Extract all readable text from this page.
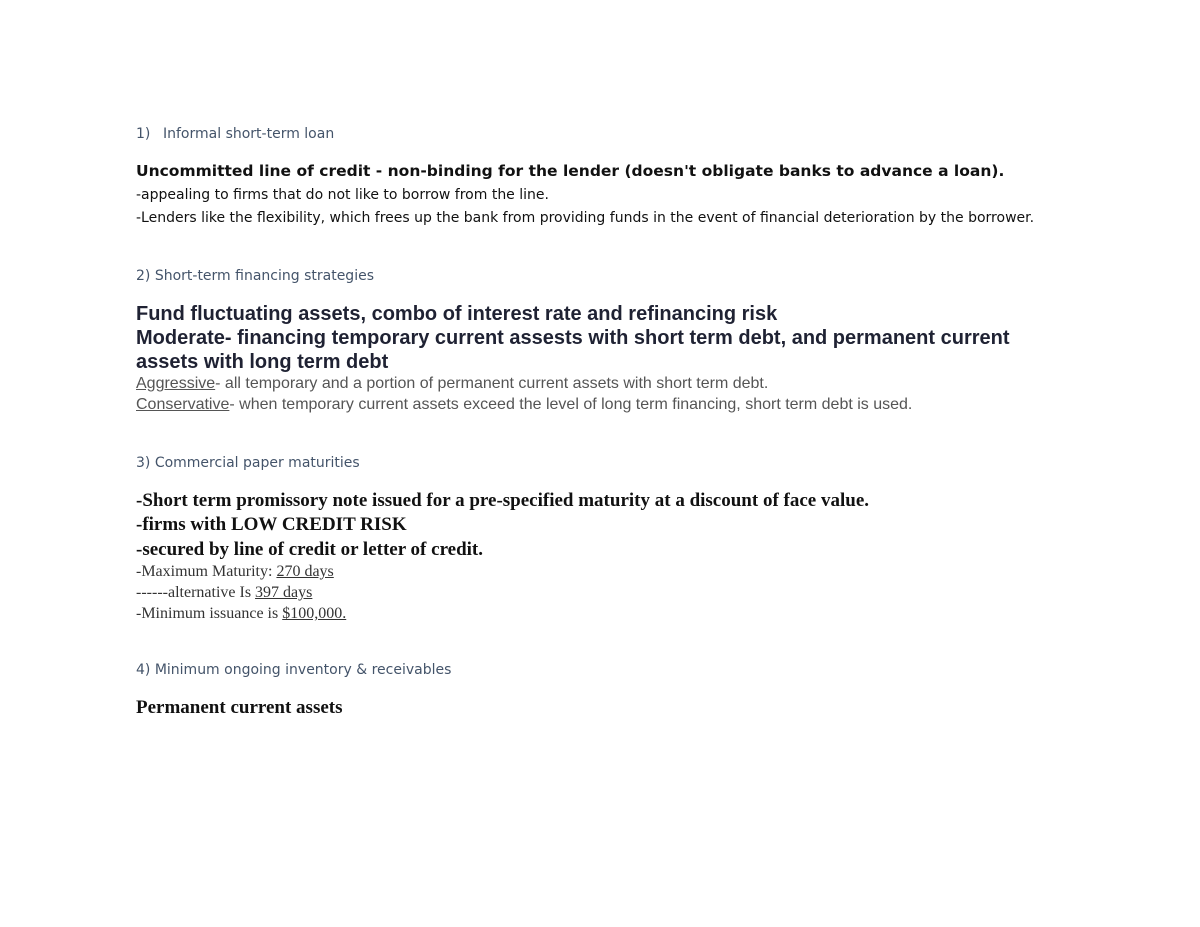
1) Informal short-term loan

Uncommitted line of credit - non-binding for the lender (doesn't obligate banks to advance a loan).

-appealing to firms that do not like to borrow from the line.

-Lenders like the flexibility, which frees up the bank from providing funds in the event of financial deterioration by the borrower.

2) Short-term financing strategies

Fund fluctuating assets, combo of interest rate and refinancing risk

Moderate- financing temporary current assests with short term debt, and permanent current

assets with long term debt

Aggressive- all temporary and a portion of permanent current assets with short term debt.

Conservative- when temporary current assets exceed the level of long term financing, short term debt is used.

3) Commercial paper maturities

-Short term promissory note issued for a pre-specified maturity at a discount of face value.

-firms with LOW CREDIT RISK

-secured by line of credit or letter of credit.

-Maximum Maturity: 270 days

------alternative Is 397 days

-Minimum issuance is $100,000.

4) Minimum ongoing inventory & receivables

Permanent current assets
